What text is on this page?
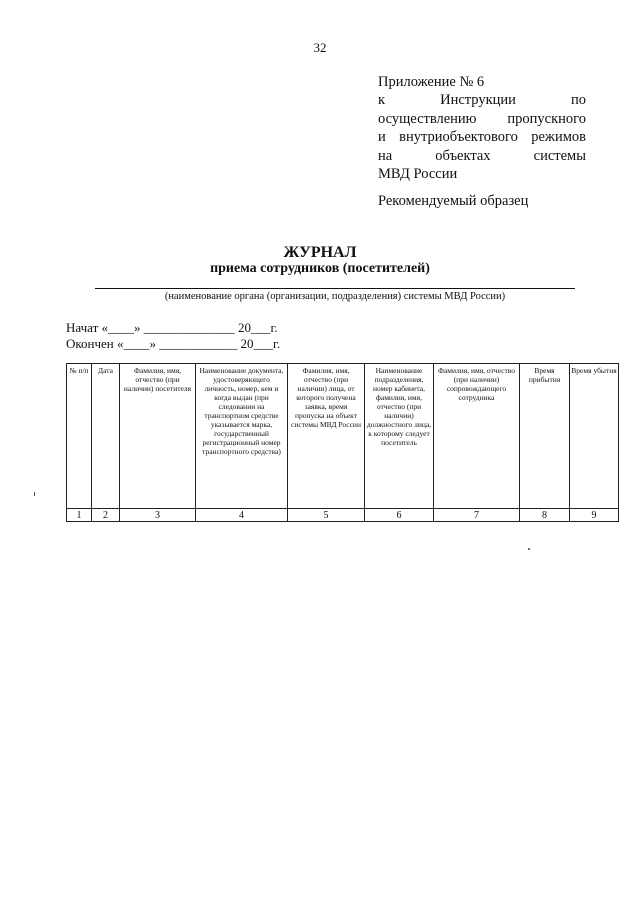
32
Приложение № 6
к	Инструкции	по
осуществлению пропускного
и внутриобъектового режимов
на	объектах	системы
МВД России
Рекомендуемый образец
ЖУРНАЛ
приема сотрудников (посетителей)
(наименование органа (организации, подразделения) системы МВД России)
Начат «____» ______________ 20___г.
Окончен «____» ____________ 20___г.
№ п/п	Дата	Фамилия, имя, отчество (при наличии) посетителя	Наименование документа, удостоверяющего личность, номер, кем и когда выдан (при следовании на транспортном средстве указывается марка, государственный регистрационный номер транспортного средства)	Фамилия, имя, отчество (при наличии) лица, от которого получена заявка, время пропуска на объект системы МВД России	Наименование подразделения, номер кабинета, фамилия, имя, отчество (при наличии) должностного лица, к которому следует посетитель	Фамилия, имя, отчество (при наличии) сопровождающего сотрудника	Время прибытия	Время убытия
1	2	3	4	5	6	7	8	9
